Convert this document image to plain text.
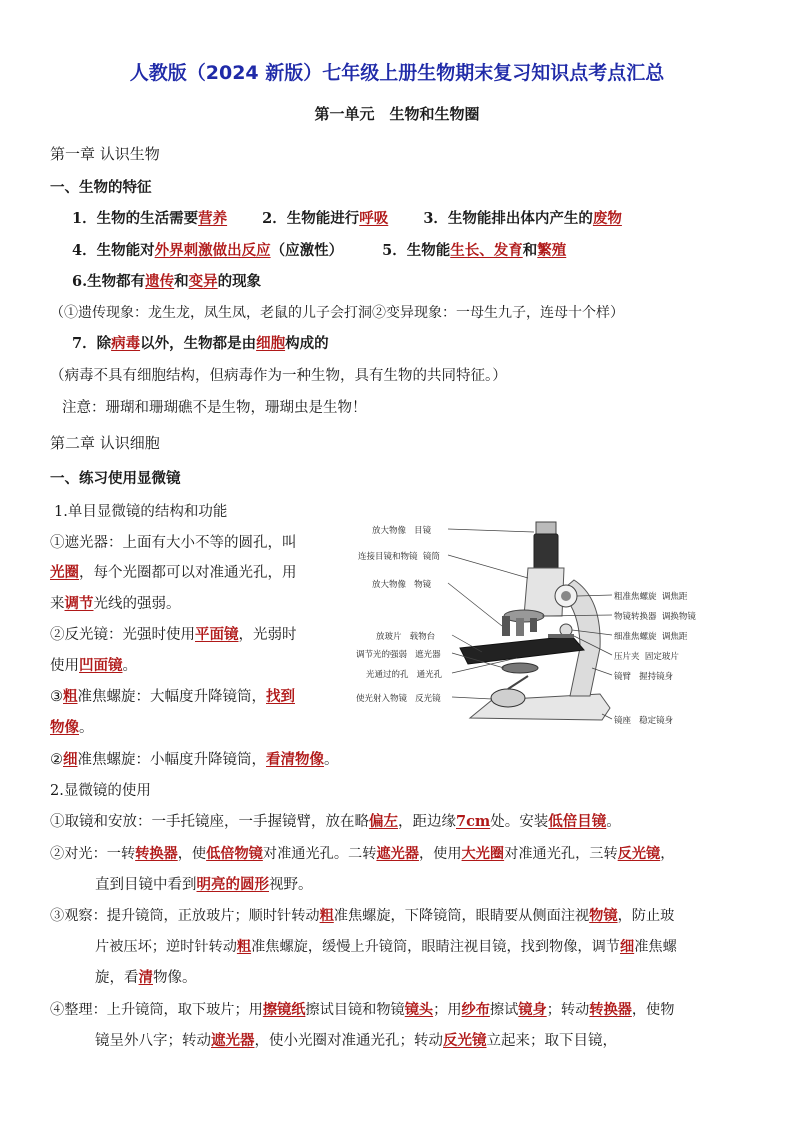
人教版（2024 新版）七年级上册生物期末复习知识点考点汇总
第一单元　生物和生物圈
第一章 认识生物
一、生物的特征
1．生物的生活需要营养 2．生物能进行呼吸 3．生物能排出体内产生的废物
4．生物能对外界刺激做出反应（应激性）	5．生物能生长、发育和繁殖
6.生物都有遗传和变异的现象
（①遗传现象：龙生龙，凤生凤，老鼠的儿子会打洞②变异现象：一母生九子，连母十个样）
7．除病毒以外，生物都是由细胞构成的
（病毒不具有细胞结构，但病毒作为一种生物，具有生物的共同特征。）
注意：珊瑚和珊瑚礁不是生物，珊瑚虫是生物！
第二章 认识细胞
一、练习使用显微镜
1.单目显微镜的结构和功能
①遮光器：上面有大小不等的圆孔，叫
光圈，每个光圈都可以对准通光孔，用
来调节光线的强弱。
②反光镜：光强时使用平面镜，光弱时
使用凹面镜。
③粗准焦螺旋：大幅度升降镜筒，找到
物像。
②细准焦螺旋：小幅度升降镜筒，看清物像。
2.显微镜的使用
①取镜和安放：一手托镜座，一手握镜臂，放在略偏左，距边缘7cm处。安装低倍目镜。
②对光：一转转换器，使低倍物镜对准通光孔。二转遮光器，使用大光圈对准通光孔，三转反光镜，
直到目镜中看到明亮的圆形视野。
③观察：提升镜筒，正放玻片；顺时针转动粗准焦螺旋，下降镜筒，眼睛要从侧面注视物镜，防止玻
片被压坏；逆时针转动粗准焦螺旋，缓慢上升镜筒，眼睛注视目镜，找到物像，调节细准焦螺
旋，看清物像。
④整理：上升镜筒，取下玻片；用擦镜纸擦试目镜和物镜镜头；用纱布擦试镜身；转动转换器，使物
镜呈外八字；转动遮光器，使小光圈对准通光孔；转动反光镜立起来；取下目镜，
放大物像 目镜
连接目镜和物镜 镜筒
放大物像 物镜
放玻片 载物台
调节光的强弱 遮光器
光通过的孔 通光孔
使光射入物镜 反光镜
粗准焦螺旋 调焦距
物镜转换器 调换物镜
细准焦螺旋 调焦距
压片夹 固定玻片
镜臂 握持镜身
镜座 稳定镜身
